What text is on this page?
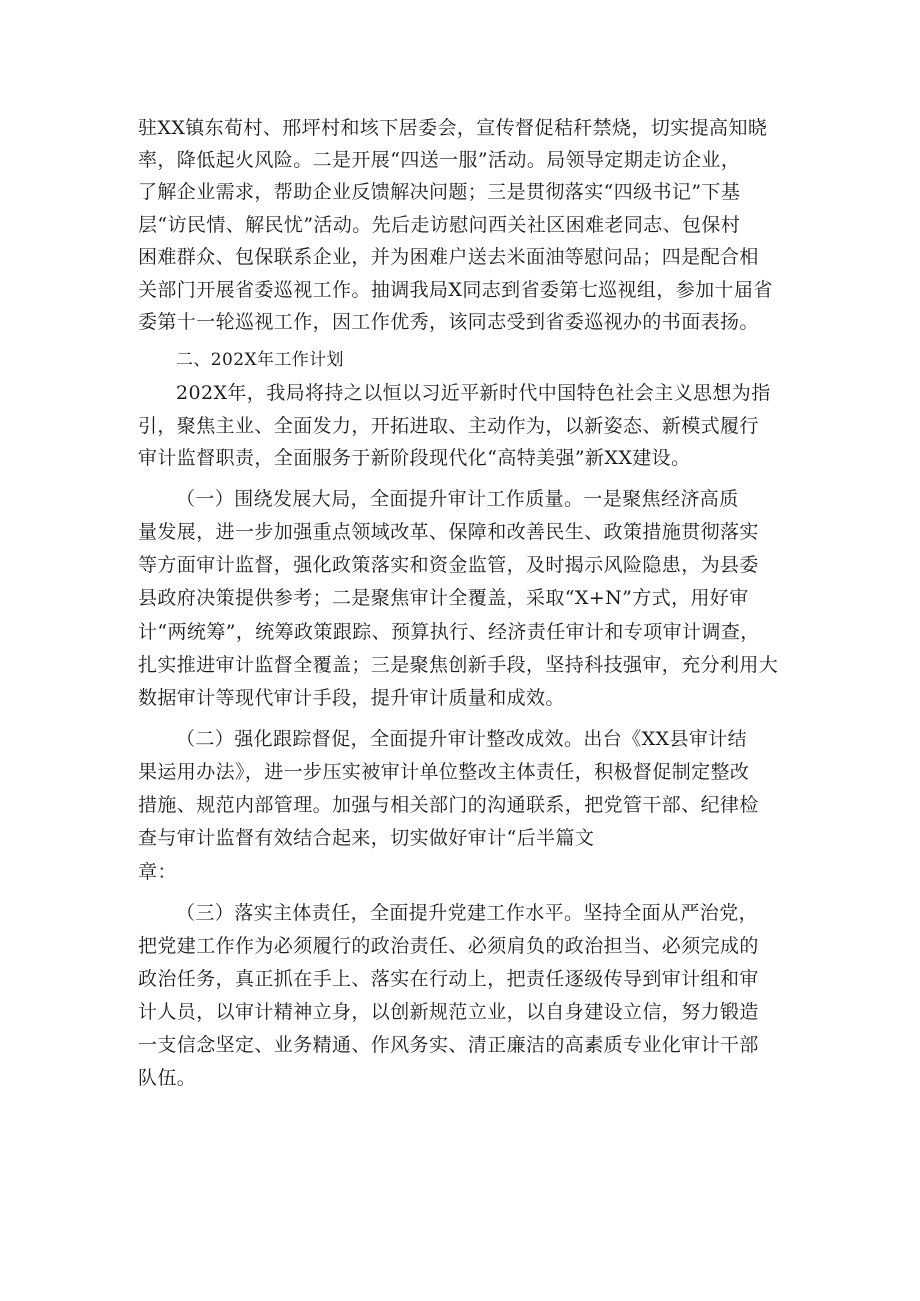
驻XX镇东荀村、邢坪村和垓下居委会，宣传督促秸秆禁烧，切实提高知晓
率，降低起火风险。二是开展“四送一服”活动。局领导定期走访企业，
了解企业需求，帮助企业反馈解决问题；三是贯彻落实“四级书记”下基
层“访民情、解民忧”活动。先后走访慰问西关社区困难老同志、包保村
困难群众、包保联系企业，并为困难户送去米面油等慰问品；四是配合相
关部门开展省委巡视工作。抽调我局X同志到省委第七巡视组，参加十届省
委第十一轮巡视工作，因工作优秀，该同志受到省委巡视办的书面表扬。
二、202X年工作计划
202X年，我局将持之以恒以习近平新时代中国特色社会主义思想为指
引，聚焦主业、全面发力，开拓进取、主动作为，以新姿态、新模式履行
审计监督职责，全面服务于新阶段现代化“高特美强”新XX建设。
（一）围绕发展大局，全面提升审计工作质量。一是聚焦经济高质
量发展，进一步加强重点领域改革、保障和改善民生、政策措施贯彻落实
等方面审计监督，强化政策落实和资金监管，及时揭示风险隐患，为县委
县政府决策提供参考；二是聚焦审计全覆盖，采取“X+N”方式，用好审
计“两统筹”，统筹政策跟踪、预算执行、经济责任审计和专项审计调查，
扎实推进审计监督全覆盖；三是聚焦创新手段，坚持科技强审，充分利用大
数据审计等现代审计手段，提升审计质量和成效。
（二）强化跟踪督促，全面提升审计整改成效。出台《XX县审计结
果运用办法》，进一步压实被审计单位整改主体责任，积极督促制定整改
措施、规范内部管理。加强与相关部门的沟通联系，把党管干部、纪律检
查与审计监督有效结合起来，切实做好审计“后半篇文
章：
（三）落实主体责任，全面提升党建工作水平。坚持全面从严治党，
把党建工作作为必须履行的政治责任、必须肩负的政治担当、必须完成的
政治任务，真正抓在手上、落实在行动上，把责任逐级传导到审计组和审
计人员，以审计精神立身，以创新规范立业，以自身建设立信，努力锻造
一支信念坚定、业务精通、作风务实、清正廉洁的高素质专业化审计干部
队伍。
